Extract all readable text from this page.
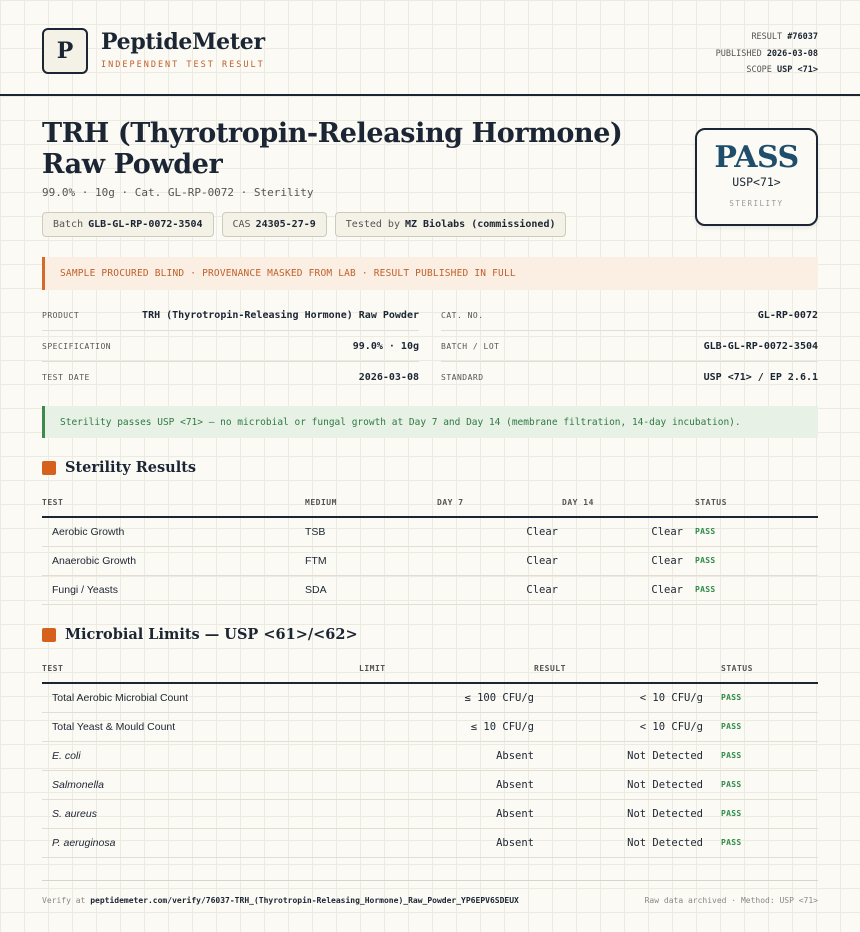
P	PeptideMeter
INDEPENDENT TEST RESULT
RESULT #76037
PUBLISHED 2026-03-08
SCOPE USP <71>
TRH (Thyrotropin-Releasing Hormone) Raw Powder
99.0% · 10g · Cat. GL-RP-0072 · Sterility
Batch GLB-GL-RP-0072-3504	CAS 24305-27-9	Tested by MZ Biolabs (commissioned)
PASS
USP<71>
STERILITY
SAMPLE PROCURED BLIND · PROVENANCE MASKED FROM LAB · RESULT PUBLISHED IN FULL
PRODUCT	TRH (Thyrotropin-Releasing Hormone) Raw Powder
SPECIFICATION	99.0% · 10g
TEST DATE	2026-03-08
CAT. NO.	GL-RP-0072
BATCH / LOT	GLB-GL-RP-0072-3504
STANDARD	USP <71> / EP 2.6.1
Sterility passes USP <71> — no microbial or fungal growth at Day 7 and Day 14 (membrane filtration, 14-day incubation).
Sterility Results
TEST	MEDIUM	DAY 7	DAY 14	STATUS
Aerobic Growth	TSB	Clear	Clear	PASS
Anaerobic Growth	FTM	Clear	Clear	PASS
Fungi / Yeasts	SDA	Clear	Clear	PASS
Microbial Limits — USP <61>/<62>
TEST	LIMIT	RESULT	STATUS
Total Aerobic Microbial Count	≤ 100 CFU/g	< 10 CFU/g	PASS
Total Yeast & Mould Count	≤ 10 CFU/g	< 10 CFU/g	PASS
E. coli	Absent	Not Detected	PASS
Salmonella	Absent	Not Detected	PASS
S. aureus	Absent	Not Detected	PASS
P. aeruginosa	Absent	Not Detected	PASS
Verify at peptidemeter.com/verify/76037-TRH_(Thyrotropin-Releasing_Hormone)_Raw_Powder_YP6EPV6SDEUX	Raw data archived · Method: USP <71>
